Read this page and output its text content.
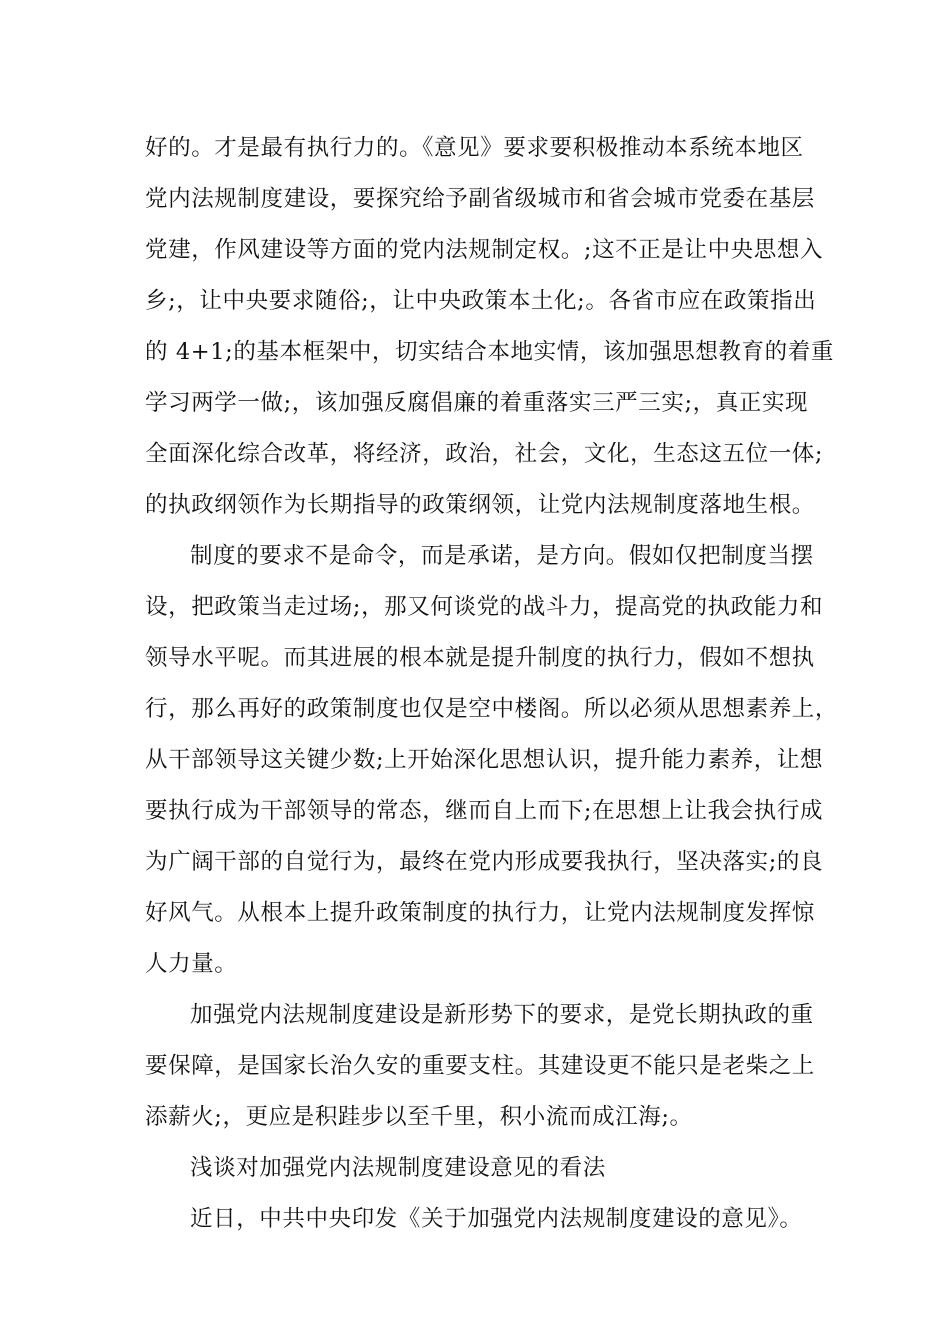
好的。才是最有执行力的。《意见》要求要积极推动本系统本地区
党内法规制度建设，要探究给予副省级城市和省会城市党委在基层
党建，作风建设等方面的党内法规制定权。;这不正是让中央思想入
乡;，让中央要求随俗;，让中央政策本土化;。各省市应在政策指出
的 4+1;的基本框架中，切实结合本地实情，该加强思想教育的着重
学习两学一做;，该加强反腐倡廉的着重落实三严三实;，真正实现
全面深化综合改革，将经济，政治，社会，文化，生态这五位一体;
的执政纲领作为长期指导的政策纲领，让党内法规制度落地生根。
制度的要求不是命令，而是承诺，是方向。假如仅把制度当摆
设，把政策当走过场;，那又何谈党的战斗力，提高党的执政能力和
领导水平呢。而其进展的根本就是提升制度的执行力，假如不想执
行，那么再好的政策制度也仅是空中楼阁。所以必须从思想素养上，
从干部领导这关键少数;上开始深化思想认识，提升能力素养，让想
要执行成为干部领导的常态，继而自上而下;在思想上让我会执行成
为广阔干部的自觉行为，最终在党内形成要我执行，坚决落实;的良
好风气。从根本上提升政策制度的执行力，让党内法规制度发挥惊
人力量。
加强党内法规制度建设是新形势下的要求，是党长期执政的重
要保障，是国家长治久安的重要支柱。其建设更不能只是老柴之上
添薪火;，更应是积跬步以至千里，积小流而成江海;。
浅谈对加强党内法规制度建设意见的看法
近日，中共中央印发《关于加强党内法规制度建设的意见》。
